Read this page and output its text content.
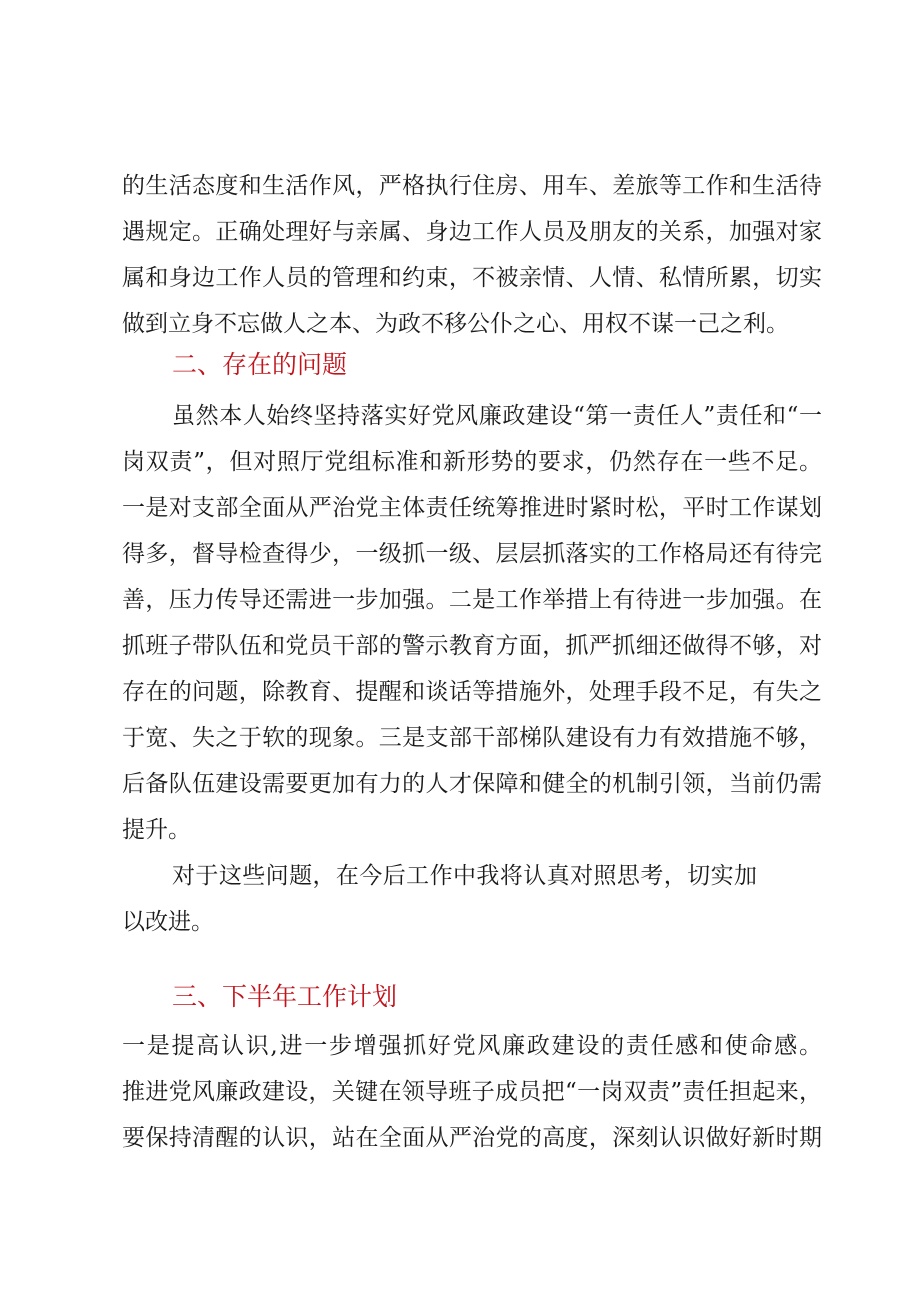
的生活态度和生活作风，严格执行住房、用车、差旅等工作和生活待
遇规定。正确处理好与亲属、身边工作人员及朋友的关系，加强对家
属和身边工作人员的管理和约束，不被亲情、人情、私情所累，切实
做到立身不忘做人之本、为政不移公仆之心、用权不谋一己之利。
二、存在的问题
虽然本人始终坚持落实好党风廉政建设“第一责任人”责任和“一
岗双责”，但对照厅党组标准和新形势的要求，仍然存在一些不足。
一是对支部全面从严治党主体责任统筹推进时紧时松，平时工作谋划
得多，督导检查得少，一级抓一级、层层抓落实的工作格局还有待完
善，压力传导还需进一步加强。二是工作举措上有待进一步加强。在
抓班子带队伍和党员干部的警示教育方面，抓严抓细还做得不够，对
存在的问题，除教育、提醒和谈话等措施外，处理手段不足，有失之
于宽、失之于软的现象。三是支部干部梯队建设有力有效措施不够，
后备队伍建设需要更加有力的人才保障和健全的机制引领，当前仍需
提升。
对于这些问题，在今后工作中我将认真对照思考，切实加
以改进。
三、下半年工作计划
一是提高认识,进一步增强抓好党风廉政建设的责任感和使命感。
推进党风廉政建设，关键在领导班子成员把“一岗双责”责任担起来，
要保持清醒的认识，站在全面从严治党的高度，深刻认识做好新时期
